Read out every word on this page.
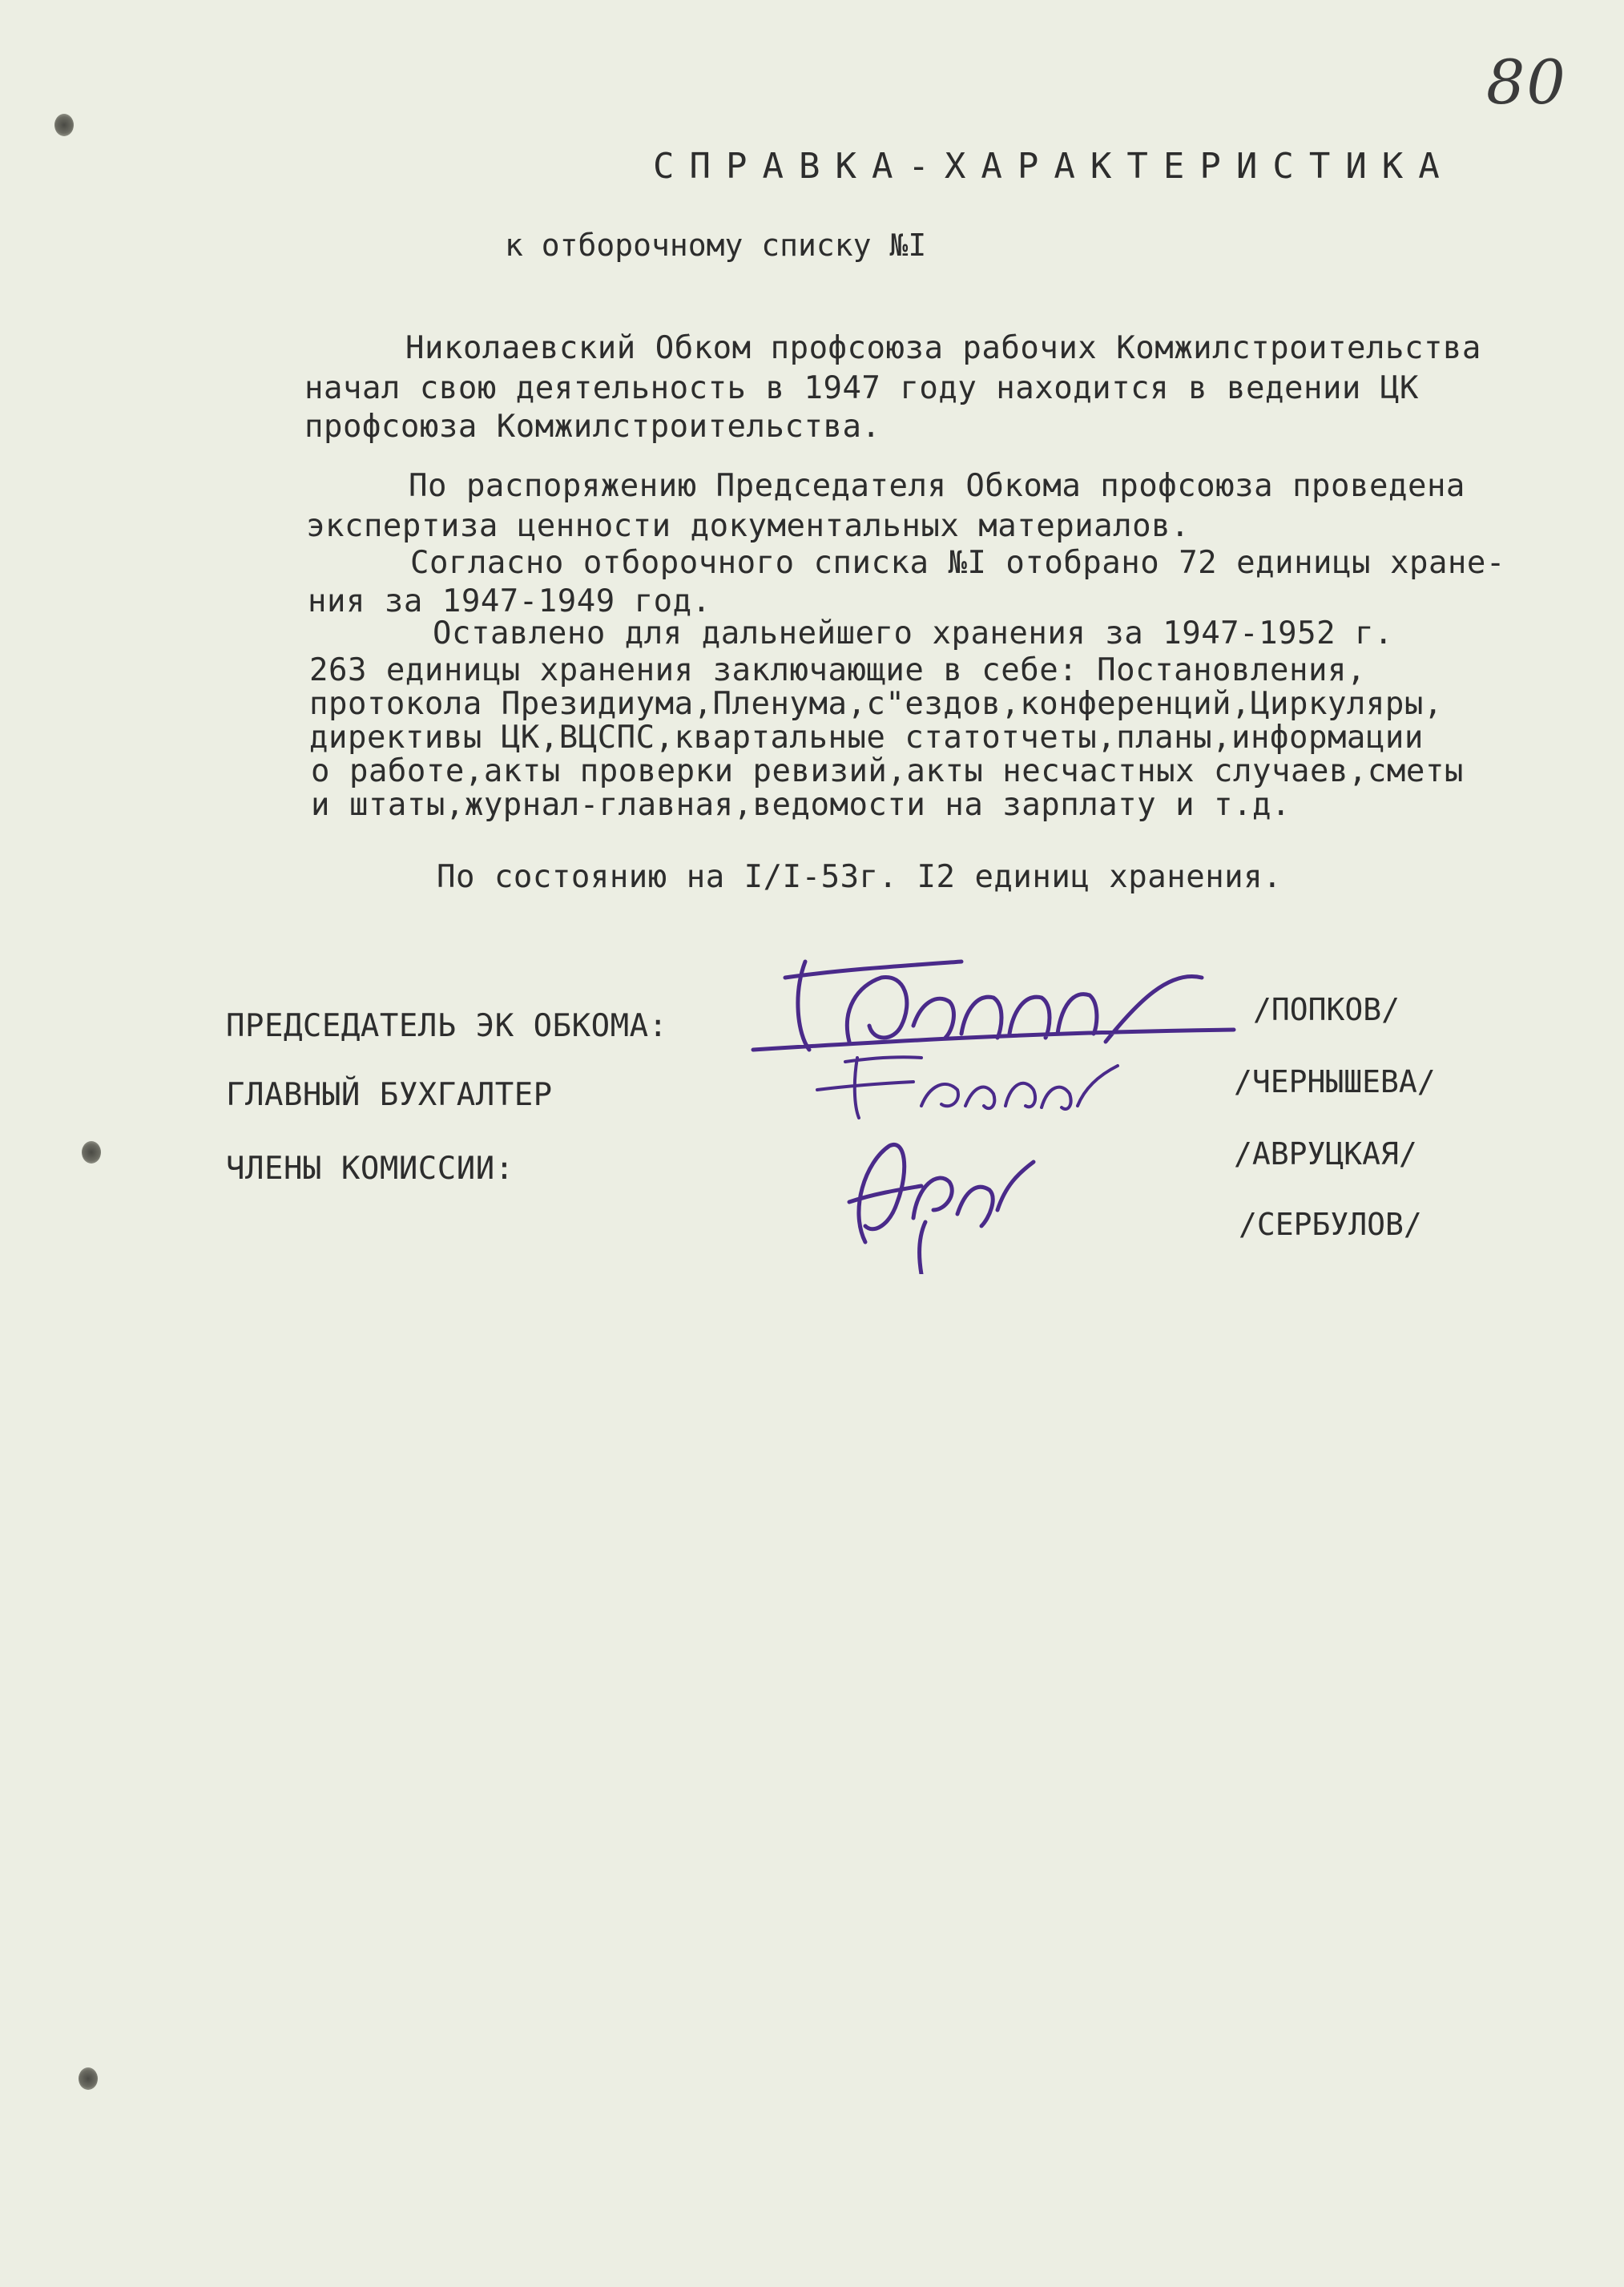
80
СПРАВКА-ХАРАКТЕРИСТИКА
к отборочному списку №I
Николаевский Обком профсоюза рабочих Комжилстроительства
начал свою деятельность в 1947 году находится в ведении ЦК
профсоюза Комжилстроительства.
По распоряжению Председателя Обкома профсоюза проведена
экспертиза ценности документальных материалов.
Согласно отборочного списка №I отобрано 72 единицы хране-
ния за 1947-1949 год.
Оставлено для дальнейшего хранения за 1947-1952 г.
263 единицы хранения заключающие в себе: Постановления,
протокола Президиума,Пленума,с"ездов,конференций,Циркуляры,
директивы ЦК,ВЦСПС,квартальные статотчеты,планы,информации
о работе,акты проверки ревизий,акты несчастных случаев,сметы
и штаты,журнал-главная,ведомости на зарплату и т.д.
По состоянию на I/I-53г. I2 единиц хранения.
ПРЕДСЕДАТЕЛЬ ЭК ОБКОМА:
ГЛАВНЫЙ БУХГАЛТЕР
ЧЛЕНЫ КОМИССИИ:
/ПОПКОВ/
/ЧЕРНЫШЕВА/
/АВРУЦКАЯ/
/СЕРБУЛОВ/
